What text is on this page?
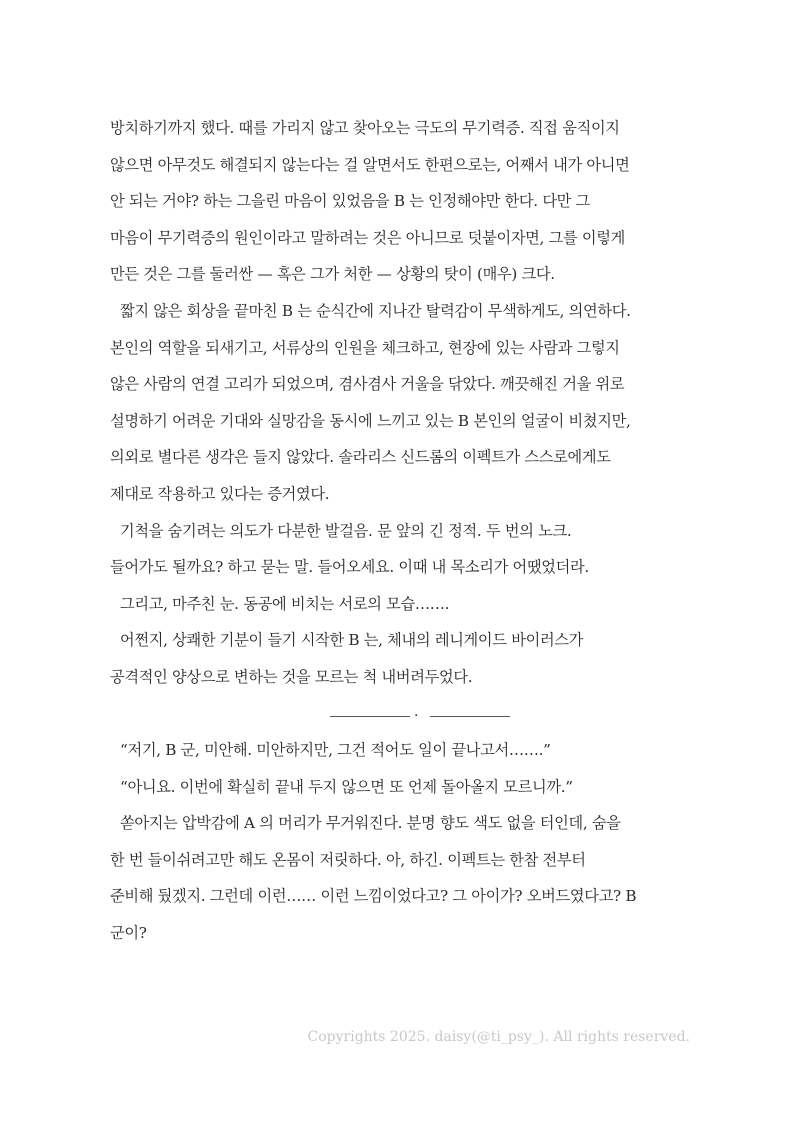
방치하기까지 했다. 때를 가리지 않고 찾아오는 극도의 무기력증. 직접 움직이지
않으면 아무것도 해결되지 않는다는 걸 알면서도 한편으로는, 어째서 내가 아니면
안 되는 거야? 하는 그을린 마음이 있었음을 B 는 인정해야만 한다. 다만 그
마음이 무기력증의 원인이라고 말하려는 것은 아니므로 덧붙이자면, 그를 이렇게
만든 것은 그를 둘러싼 — 혹은 그가 처한 — 상황의 탓이 (매우) 크다.
짧지 않은 회상을 끝마친 B 는 순식간에 지나간 탈력감이 무색하게도, 의연하다.
본인의 역할을 되새기고, 서류상의 인원을 체크하고, 현장에 있는 사람과 그렇지
않은 사람의 연결 고리가 되었으며, 겸사겸사 거울을 닦았다. 깨끗해진 거울 위로
설명하기 어려운 기대와 실망감을 동시에 느끼고 있는 B 본인의 얼굴이 비쳤지만,
의외로 별다른 생각은 들지 않았다. 솔라리스 신드롬의 이펙트가 스스로에게도
제대로 작용하고 있다는 증거였다.
기척을 숨기려는 의도가 다분한 발걸음. 문 앞의 긴 정적. 두 번의 노크.
들어가도 될까요? 하고 묻는 말. 들어오세요. 이때 내 목소리가 어땠었더라.
그리고, 마주친 눈. 동공에 비치는 서로의 모습…….
어쩐지, 상쾌한 기분이 들기 시작한 B 는, 체내의 레니게이드 바이러스가
공격적인 양상으로 변하는 것을 모르는 척 내버려두었다.
·
“저기, B 군, 미안해. 미안하지만, 그건 적어도 일이 끝나고서…….”
“아니요. 이번에 확실히 끝내 두지 않으면 또 언제 돌아올지 모르니까.”
쏟아지는 압박감에 A 의 머리가 무거워진다. 분명 향도 색도 없을 터인데, 숨을
한 번 들이쉬려고만 해도 온몸이 저릿하다. 아, 하긴. 이펙트는 한참 전부터
준비해 뒀겠지. 그런데 이런…… 이런 느낌이었다고? 그 아이가? 오버드였다고? B
군이?
Copyrights 2025. daisy(@ti_psy_). All rights reserved.
